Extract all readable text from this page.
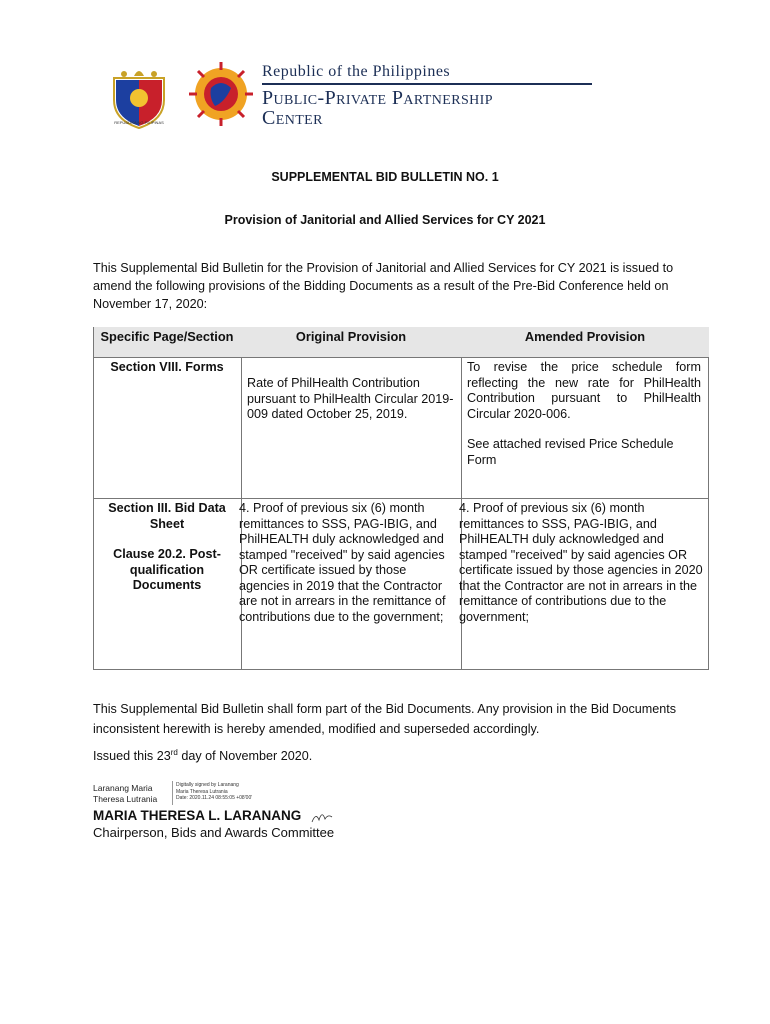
REPUBLIKA NG PILIPINAS
Republic of the Philippines
Public-Private Partnership
Center
SUPPLEMENTAL BID BULLETIN NO. 1
Provision of Janitorial and Allied Services for CY 2021
This Supplemental Bid Bulletin for the Provision of Janitorial and Allied Services for CY 2021 is issued to amend the following provisions of the Bidding Documents as a result of the Pre-Bid Conference held on November 17, 2020:
Specific Page/Section	Original Provision	Amended Provision
Section VIII. Forms
Rate of PhilHealth Contribution pursuant to PhilHealth Circular 2019-009 dated October 25, 2019.
To revise the price schedule form reflecting the new rate for PhilHealth Contribution pursuant to PhilHealth Circular 2020-006.
See attached revised Price Schedule Form
Section III. Bid Data Sheet
Clause 20.2. Post-qualification Documents
4. Proof of previous six (6) month remittances to SSS, PAG-IBIG, and PhilHEALTH duly acknowledged and stamped "received" by said agencies OR certificate issued by those agencies in 2019 that the Contractor are not in arrears in the remittance of contributions due to the government;
4. Proof of previous six (6) month remittances to SSS, PAG-IBIG, and PhilHEALTH duly acknowledged and stamped "received" by said agencies OR certificate issued by those agencies in 2020 that the Contractor are not in arrears in the remittance of contributions due to the government;
This Supplemental Bid Bulletin shall form part of the Bid Documents. Any provision in the Bid Documents inconsistent herewith is hereby amended, modified and superseded accordingly.
Issued this 23rd day of November 2020.
Laranang Maria
Theresa Lutrania
Digitally signed by Laranang
Maria Theresa Lutrania
Date: 2020.11.24 08:55:05 +08'00'
MARIA THERESA L. LARANANG
Chairperson, Bids and Awards Committee
